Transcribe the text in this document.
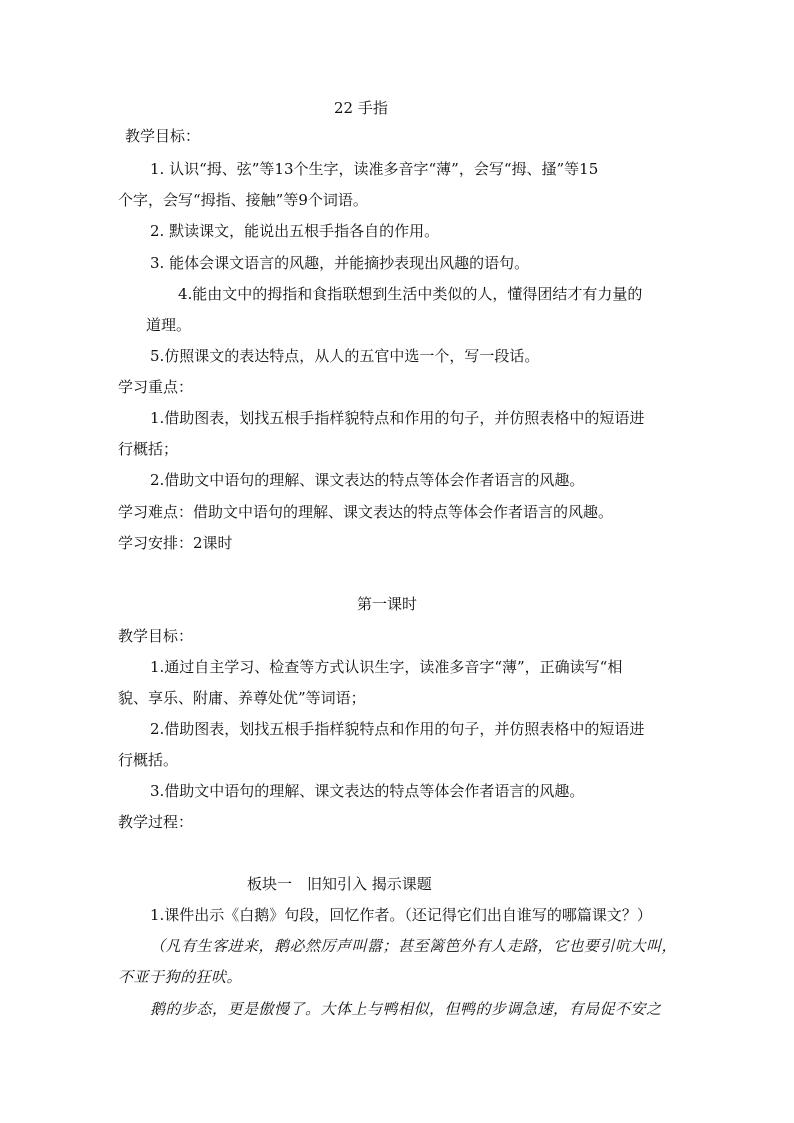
22 手指
教学目标：
1. 认识“拇、弦”等13个生字，读准多音字“薄”，会写“拇、搔”等15
个字，会写“拇指、接触”等9个词语。
2. 默读课文，能说出五根手指各自的作用。
3. 能体会课文语言的风趣，并能摘抄表现出风趣的语句。
4.能由文中的拇指和食指联想到生活中类似的人，懂得团结才有力量的
道理。
5.仿照课文的表达特点，从人的五官中选一个，写一段话。
学习重点：
1.借助图表，划找五根手指样貌特点和作用的句子，并仿照表格中的短语进
行概括；
2.借助文中语句的理解、课文表达的特点等体会作者语言的风趣。
学习难点：借助文中语句的理解、课文表达的特点等体会作者语言的风趣。
学习安排：2课时
第一课时
教学目标：
1.通过自主学习、检查等方式认识生字，读准多音字“薄”，正确读写“相
貌、享乐、附庸、养尊处优”等词语；
2.借助图表，划找五根手指样貌特点和作用的句子，并仿照表格中的短语进
行概括。
3.借助文中语句的理解、课文表达的特点等体会作者语言的风趣。
教学过程：
板块一　旧知引入 揭示课题
1.课件出示《白鹅》句段，回忆作者。（还记得它们出自谁写的哪篇课文？）
（凡有生客进来，鹅必然厉声叫嚣；甚至篱笆外有人走路，它也要引吭大叫，
不亚于狗的狂吠。
鹅的步态，更是傲慢了。大体上与鸭相似，但鸭的步调急速，有局促不安之
